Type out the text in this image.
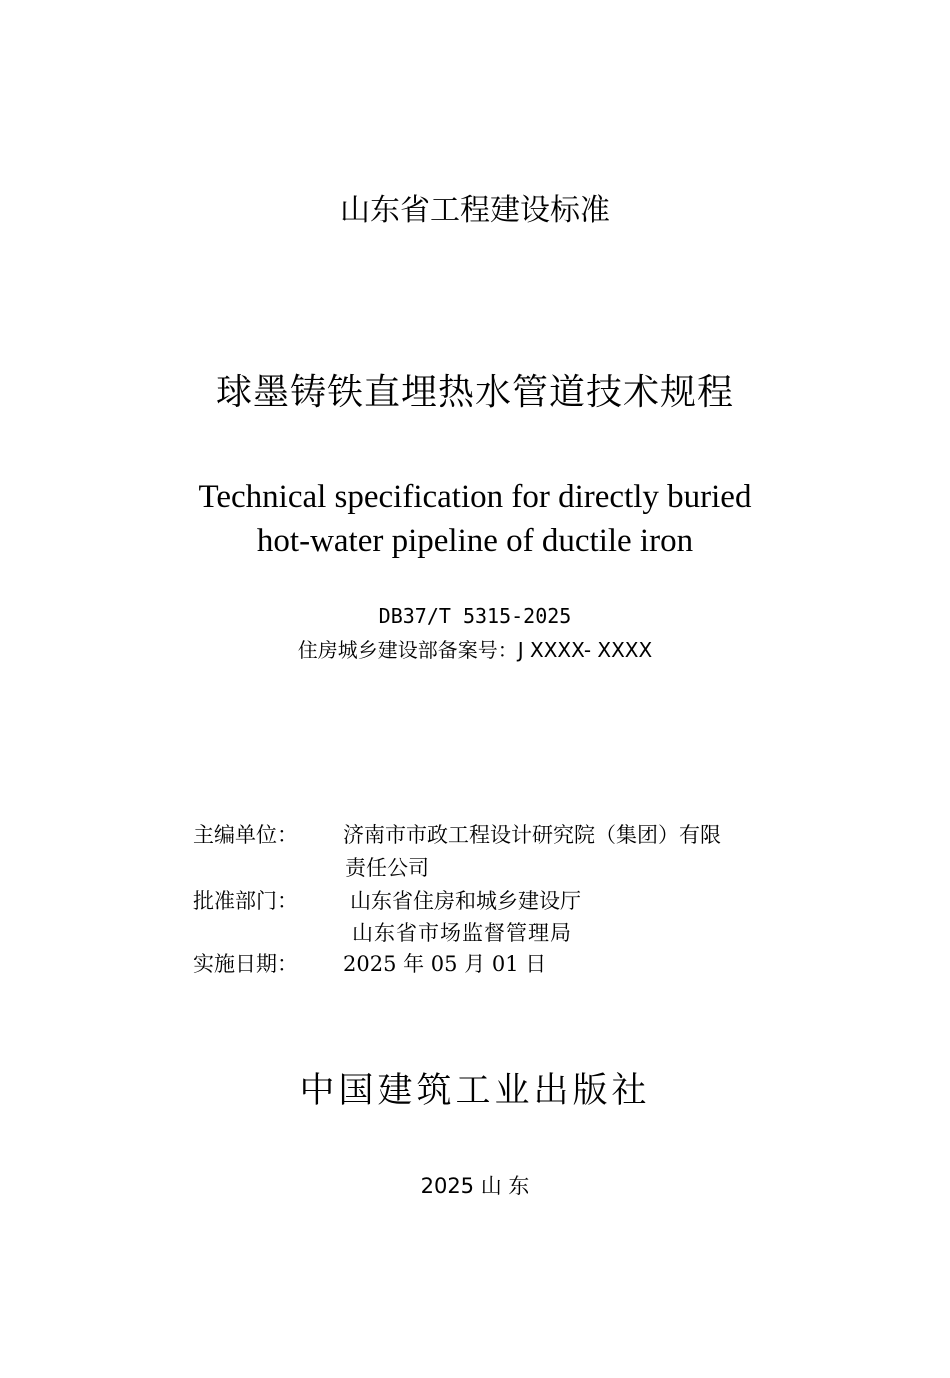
山东省工程建设标准
球墨铸铁直埋热水管道技术规程
Technical specification for directly buried
hot-water pipeline of ductile iron
DB37/T 5315-2025
住房城乡建设部备案号：J XXXX- XXXX
主编单位： 济南市市政工程设计研究院（集团）有限
责任公司
批准部门： 山东省住房和城乡建设厅
山东省市场监督管理局
实施日期： 2025 年 05 月 01 日
中国建筑工业出版社
2025 山 东
